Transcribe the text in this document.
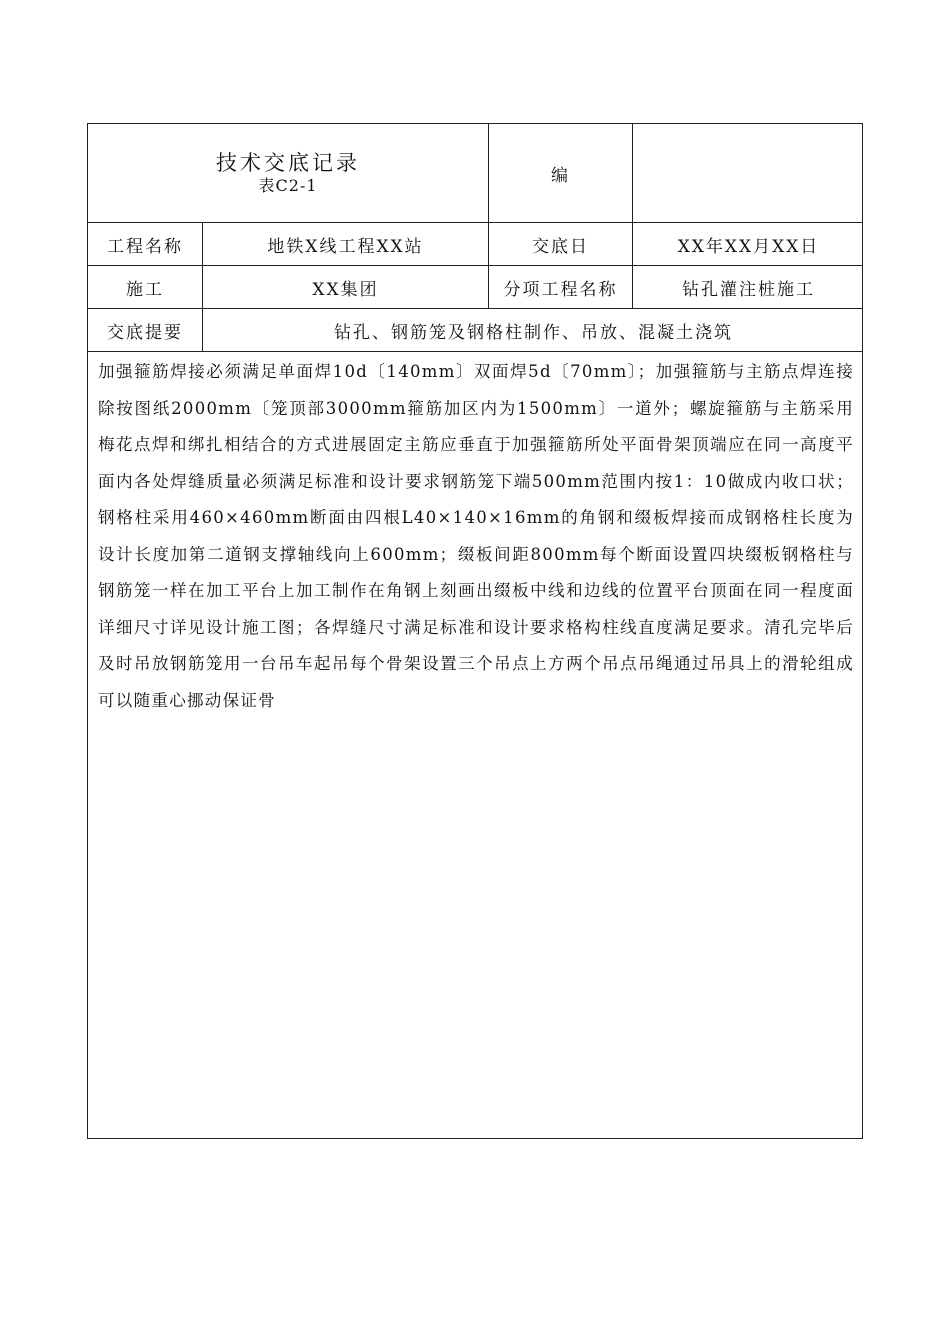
技术交底记录
表C2-1	编
工程名称	地铁X线工程XX站	交底日	XX年XX月XX日
施工	XX集团	分项工程名称	钻孔灌注桩施工
交底提要	钻孔、钢筋笼及钢格柱制作、吊放、混凝土浇筑
加强箍筋焊接必须满足单面焊10d〔140mm〕双面焊5d〔70mm〕；加强箍筋与主筋点焊连接除按图纸2000mm〔笼顶部3000mm箍筋加区内为1500mm〕一道外；螺旋箍筋与主筋采用梅花点焊和绑扎相结合的方式进展固定主筋应垂直于加强箍筋所处平面骨架顶端应在同一高度平面内各处焊缝质量必须满足标准和设计要求钢筋笼下端500mm范围内按1：10做成内收口状；钢格柱采用460×460mm断面由四根L40×140×16mm的角钢和缀板焊接而成钢格柱长度为设计长度加第二道钢支撑轴线向上600mm；缀板间距800mm每个断面设置四块缀板钢格柱与钢筋笼一样在加工平台上加工制作在角钢上刻画出缀板中线和边线的位置平台顶面在同一程度面详细尺寸详见设计施工图；各焊缝尺寸满足标准和设计要求格构柱线直度满足要求。清孔完毕后及时吊放钢筋笼用一台吊车起吊每个骨架设置三个吊点上方两个吊点吊绳通过吊具上的滑轮组成可以随重心挪动保证骨
